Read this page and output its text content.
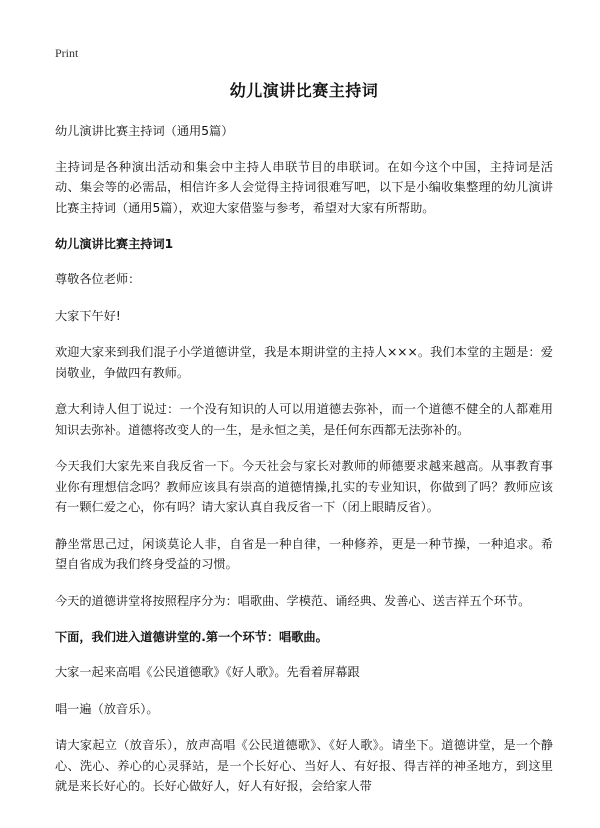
Print
幼儿演讲比赛主持词

幼儿演讲比赛主持词（通用5篇）

主持词是各种演出活动和集会中主持人串联节目的串联词。在如今这个中国，主持词是活动、集会等的必需品，相信许多人会觉得主持词很难写吧，以下是小编收集整理的幼儿演讲比赛主持词（通用5篇），欢迎大家借鉴与参考，希望对大家有所帮助。

幼儿演讲比赛主持词1

尊敬各位老师：

大家下午好!

欢迎大家来到我们混子小学道德讲堂，我是本期讲堂的主持人×××。我们本堂的主题是：爱岗敬业，争做四有教师。

意大利诗人但丁说过：一个没有知识的人可以用道德去弥补，而一个道德不健全的人都难用知识去弥补。道德将改变人的一生，是永恒之美，是任何东西都无法弥补的。

今天我们大家先来自我反省一下。今天社会与家长对教师的师德要求越来越高。从事教育事业你有理想信念吗？教师应该具有崇高的道德情操,扎实的专业知识，你做到了吗？教师应该有一颗仁爱之心，你有吗？请大家认真自我反省一下（闭上眼睛反省）。

静坐常思己过，闲谈莫论人非，自省是一种自律，一种修养，更是一种节操，一种追求。希望自省成为我们终身受益的习惯。

今天的道德讲堂将按照程序分为：唱歌曲、学模范、诵经典、发善心、送吉祥五个环节。

下面，我们进入道德讲堂的.第一个环节：唱歌曲。

大家一起来高唱《公民道德歌》《好人歌》。先看着屏幕跟

唱一遍（放音乐）。

请大家起立（放音乐），放声高唱《公民道德歌》、《好人歌》。请坐下。道德讲堂，是一个静心、洗心、养心的心灵驿站，是一个长好心、当好人、有好报、得吉祥的神圣地方，到这里就是来长好心的。长好心做好人，好人有好报，会给家人带
